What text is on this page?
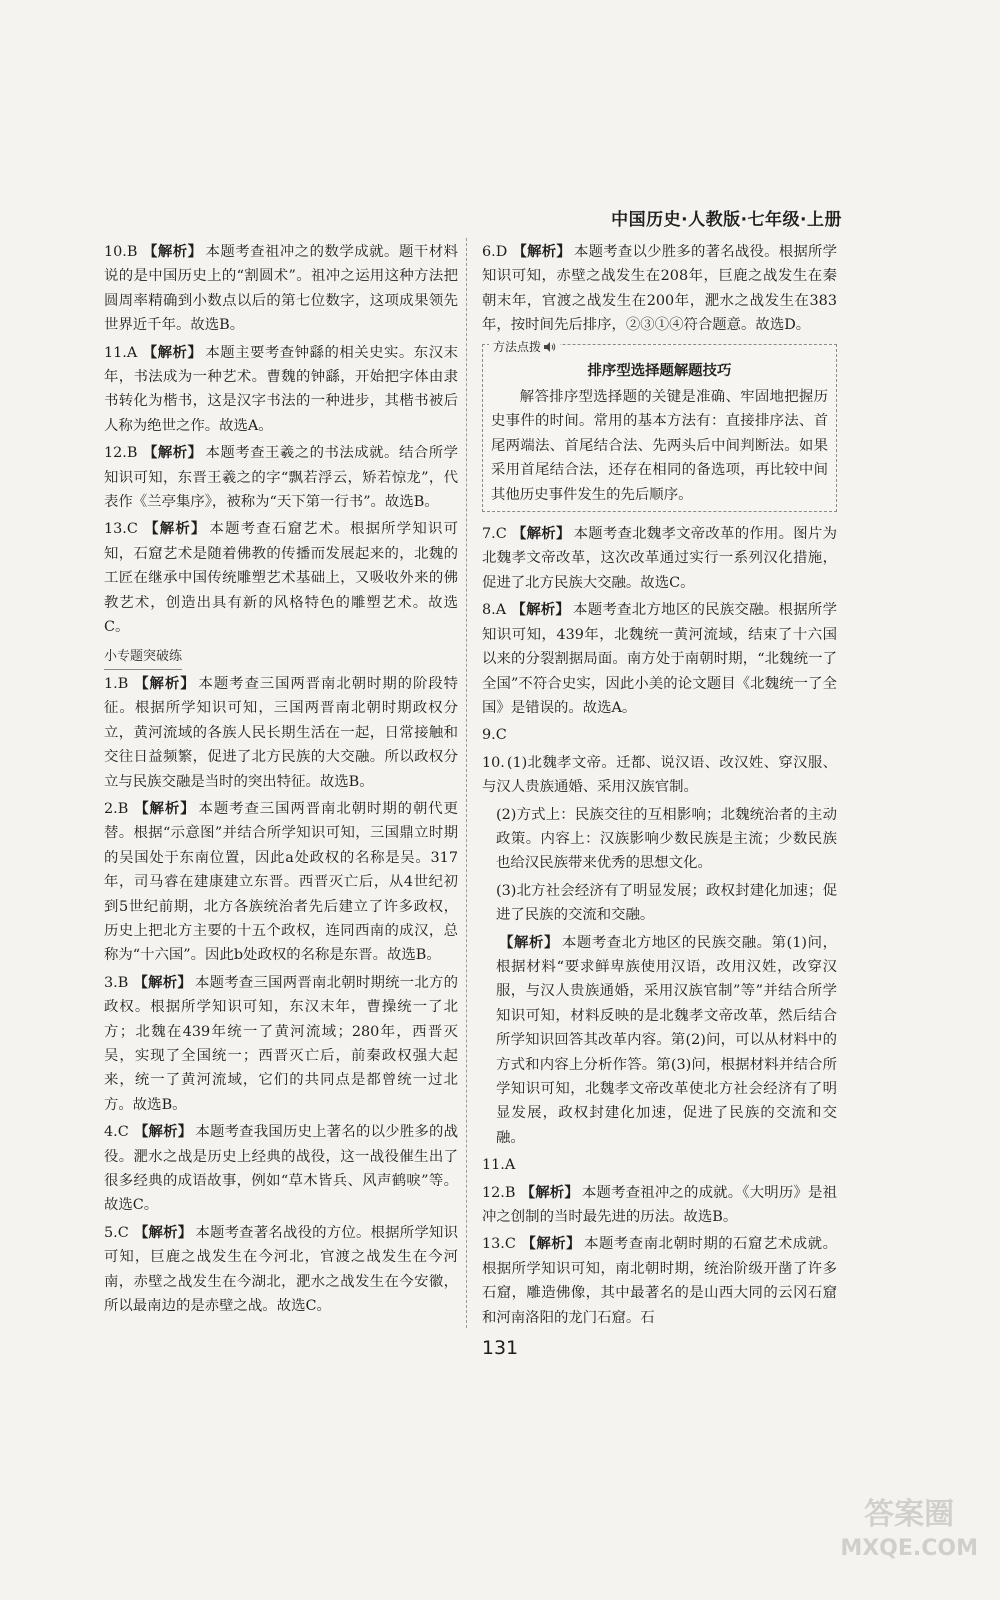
中国历史·人教版·七年级·上册
10.B 【解析】 本题考查祖冲之的数学成就。题干材料说的是中国历史上的“割圆术”。祖冲之运用这种方法把圆周率精确到小数点以后的第七位数字，这项成果领先世界近千年。故选B。
11.A 【解析】 本题主要考查钟繇的相关史实。东汉末年，书法成为一种艺术。曹魏的钟繇，开始把字体由隶书转化为楷书，这是汉字书法的一种进步，其楷书被后人称为绝世之作。故选A。
12.B 【解析】 本题考查王羲之的书法成就。结合所学知识可知，东晋王羲之的字“飘若浮云，矫若惊龙”，代表作《兰亭集序》，被称为“天下第一行书”。故选B。
13.C 【解析】 本题考查石窟艺术。根据所学知识可知，石窟艺术是随着佛教的传播而发展起来的，北魏的工匠在继承中国传统雕塑艺术基础上，又吸收外来的佛教艺术，创造出具有新的风格特色的雕塑艺术。故选C。
小专题突破练
1.B 【解析】 本题考查三国两晋南北朝时期的阶段特征。根据所学知识可知，三国两晋南北朝时期政权分立，黄河流域的各族人民长期生活在一起，日常接触和交往日益频繁，促进了北方民族的大交融。所以政权分立与民族交融是当时的突出特征。故选B。
2.B 【解析】 本题考查三国两晋南北朝时期的朝代更替。根据“示意图”并结合所学知识可知，三国鼎立时期的吴国处于东南位置，因此a处政权的名称是吴。317年，司马睿在建康建立东晋。西晋灭亡后，从4世纪初到5世纪前期，北方各族统治者先后建立了许多政权，历史上把北方主要的十五个政权，连同西南的成汉，总称为“十六国”。因此b处政权的名称是东晋。故选B。
3.B 【解析】 本题考查三国两晋南北朝时期统一北方的政权。根据所学知识可知，东汉末年，曹操统一了北方；北魏在439年统一了黄河流域；280年，西晋灭吴，实现了全国统一；西晋灭亡后，前秦政权强大起来，统一了黄河流域，它们的共同点是都曾统一过北方。故选B。
4.C 【解析】 本题考查我国历史上著名的以少胜多的战役。淝水之战是历史上经典的战役，这一战役催生出了很多经典的成语故事，例如“草木皆兵、风声鹤唳”等。故选C。
5.C 【解析】 本题考查著名战役的方位。根据所学知识可知，巨鹿之战发生在今河北，官渡之战发生在今河南，赤壁之战发生在今湖北，淝水之战发生在今安徽，所以最南边的是赤壁之战。故选C。
6.D 【解析】 本题考查以少胜多的著名战役。根据所学知识可知，赤壁之战发生在208年，巨鹿之战发生在秦朝末年，官渡之战发生在200年，淝水之战发生在383年，按时间先后排序，②③①④符合题意。故选D。
方法点拨
排序型选择题解题技巧
解答排序型选择题的关键是准确、牢固地把握历史事件的时间。常用的基本方法有：直接排序法、首尾两端法、首尾结合法、先两头后中间判断法。如果采用首尾结合法，还存在相同的备选项，再比较中间其他历史事件发生的先后顺序。
7.C 【解析】 本题考查北魏孝文帝改革的作用。图片为北魏孝文帝改革，这次改革通过实行一系列汉化措施，促进了北方民族大交融。故选C。
8.A 【解析】 本题考查北方地区的民族交融。根据所学知识可知，439年，北魏统一黄河流域，结束了十六国以来的分裂割据局面。南方处于南朝时期，“北魏统一了全国”不符合史实，因此小美的论文题目《北魏统一了全国》是错误的。故选A。
9.C
10. (1)北魏孝文帝。迁都、说汉语、改汉姓、穿汉服、与汉人贵族通婚、采用汉族官制。
(2)方式上：民族交往的互相影响；北魏统治者的主动政策。内容上：汉族影响少数民族是主流；少数民族也给汉民族带来优秀的思想文化。
(3)北方社会经济有了明显发展；政权封建化加速；促进了民族的交流和交融。
【解析】 本题考查北方地区的民族交融。第(1)问，根据材料“要求鲜卑族使用汉语，改用汉姓，改穿汉服，与汉人贵族通婚，采用汉族官制”等”并结合所学知识可知，材料反映的是北魏孝文帝改革，然后结合所学知识回答其改革内容。第(2)问，可以从材料中的方式和内容上分析作答。第(3)问，根据材料并结合所学知识可知，北魏孝文帝改革使北方社会经济有了明显发展，政权封建化加速，促进了民族的交流和交融。
11.A
12.B 【解析】 本题考查祖冲之的成就。《大明历》是祖冲之创制的当时最先进的历法。故选B。
13.C 【解析】 本题考查南北朝时期的石窟艺术成就。根据所学知识可知，南北朝时期，统治阶级开凿了许多石窟，雕造佛像，其中最著名的是山西大同的云冈石窟和河南洛阳的龙门石窟。石
131
答案圈
MXQE.COM
